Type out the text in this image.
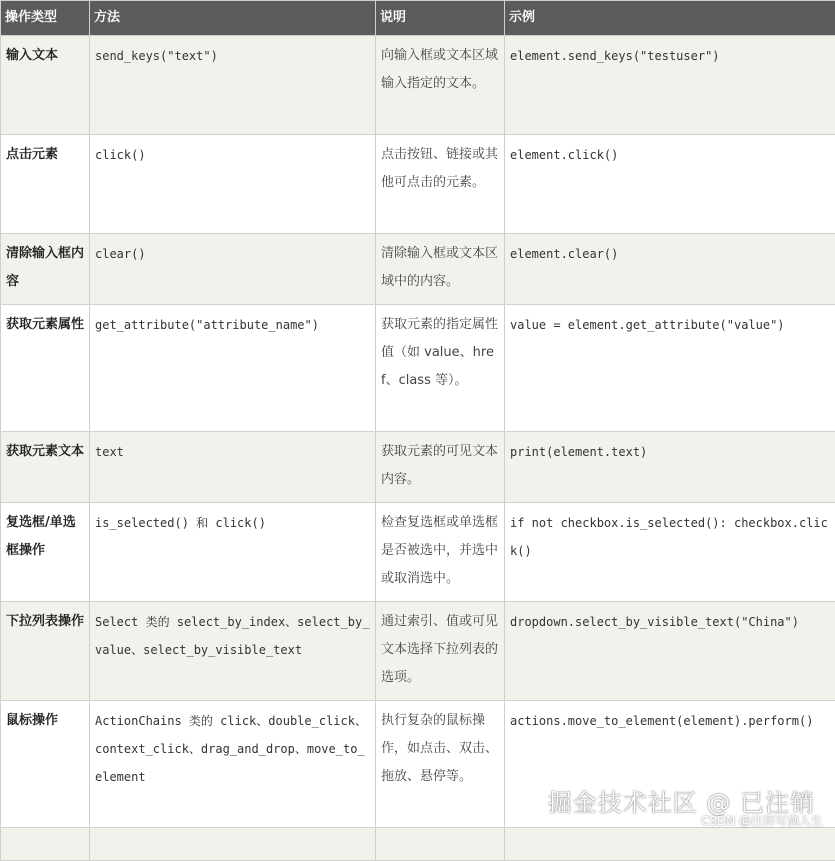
操作类型	方法	说明	示例
输入文本	send_keys("text")	向输入框或文本区域输入指定的文本。	element.send_keys("testuser")
点击元素	click()	点击按钮、链接或其他可点击的元素。	element.click()
清除输入框内容	clear()	清除输入框或文本区域中的内容。	element.clear()
获取元素属性	get_attribute("attribute_name")	获取元素的指定属性值（如 value、href、class 等）。	value = element.get_attribute("value")
获取元素文本	text	获取元素的可见文本内容。	print(element.text)
复选框/单选框操作	is_selected() 和 click()	检查复选框或单选框是否被选中，并选中或取消选中。	if not checkbox.is_selected(): checkbox.click()
下拉列表操作	Select 类的 select_by_index、select_by_value、select_by_visible_text	通过索引、值或可见文本选择下拉列表的选项。	dropdown.select_by_visible_text("China")
鼠标操作	ActionChains 类的 click、double_click、context_click、drag_and_drop、move_to_element	执行复杂的鼠标操作，如点击、双击、拖放、悬停等。	actions.move_to_element(element).perform()

掘金技术社区 @ 已注销
CSDN @注释写满人生
